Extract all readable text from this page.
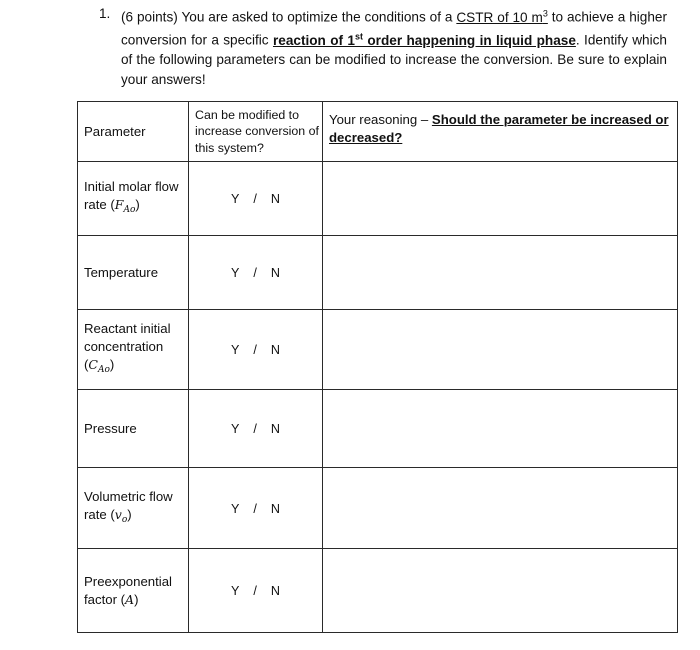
1. (6 points) You are asked to optimize the conditions of a CSTR of 10 $m^3$ to achieve a higher conversion for a specific reaction of 1st order happening in liquid phase. Identify which of the following parameters can be modified to increase the conversion. Be sure to explain your answers!
Parameter	Can be modified to increase conversion of this system?	Your reasoning – Should the parameter be increased or decreased?
Initial molar flow rate $(F_{Ao})$	Y / N	
Temperature	Y / N	
Reactant initial concentration $(C_{Ao})$	Y / N	
Pressure	Y / N	
Volumetric flow rate $(v_o)$	Y / N	
Preexponential factor (A)	Y / N	
